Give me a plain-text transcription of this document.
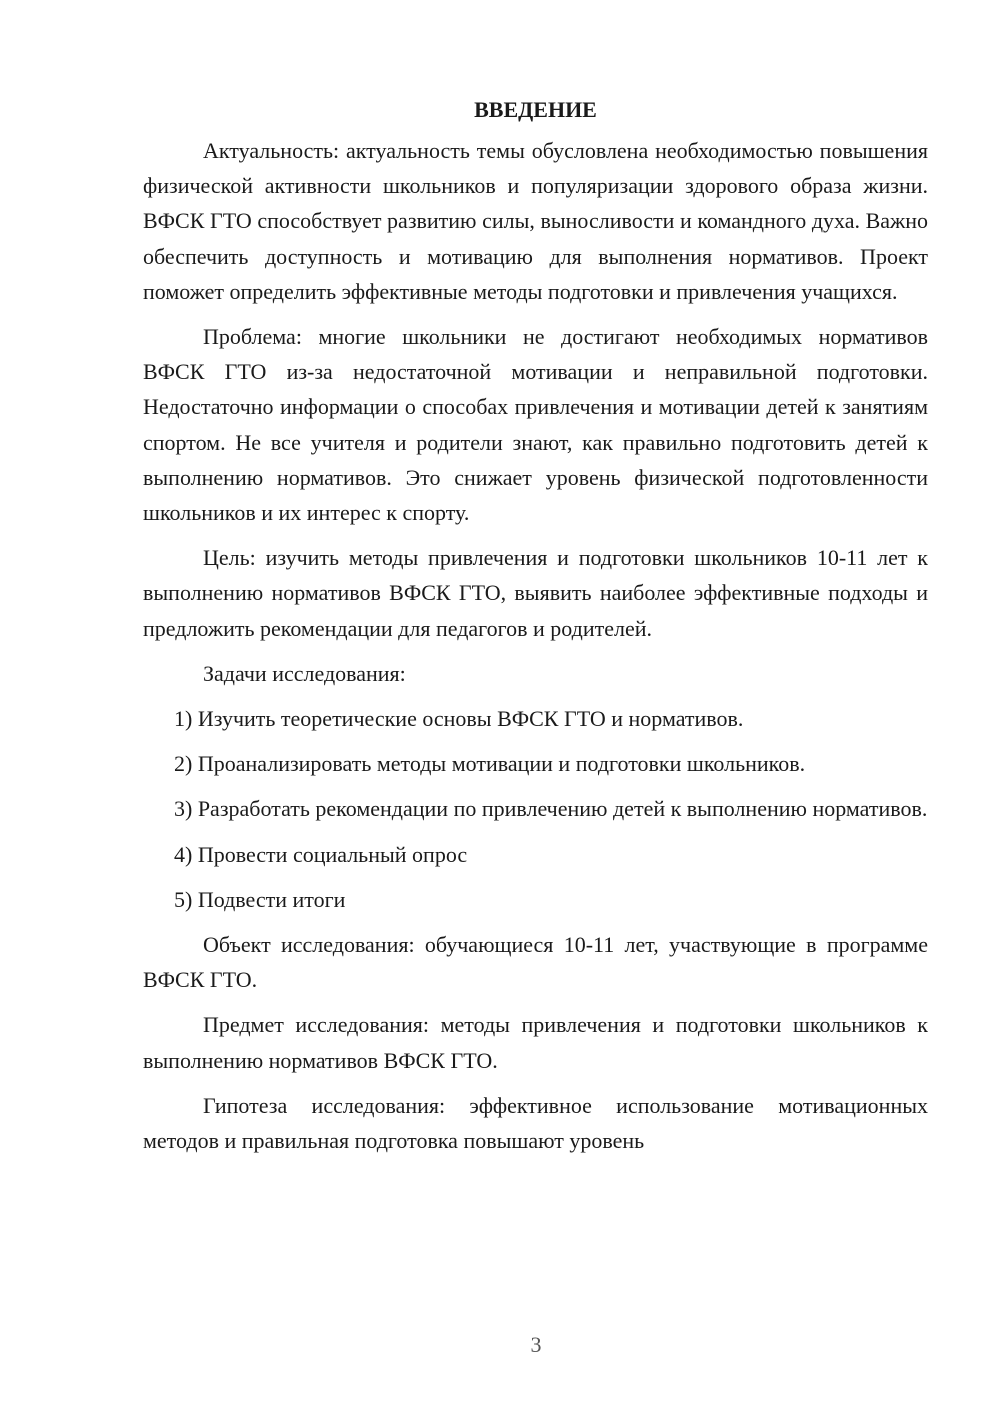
ВВЕДЕНИЕ

Актуальность: актуальность темы обусловлена необходимостью повышения физической активности школьников и популяризации здорового образа жизни. ВФСК ГТО способствует развитию силы, выносливости и командного духа. Важно обеспечить доступность и мотивацию для выполнения нормативов. Проект поможет определить эффективные методы подготовки и привлечения учащихся.

Проблема: многие школьники не достигают необходимых нормативов ВФСК ГТО из-за недостаточной мотивации и неправильной подготовки. Недостаточно информации о способах привлечения и мотивации детей к занятиям спортом. Не все учителя и родители знают, как правильно подготовить детей к выполнению нормативов. Это снижает уровень физической подготовленности школьников и их интерес к спорту.

Цель: изучить методы привлечения и подготовки школьников 10-11 лет к выполнению нормативов ВФСК ГТО, выявить наиболее эффективные подходы и предложить рекомендации для педагогов и родителей.

Задачи исследования:

1) Изучить теоретические основы ВФСК ГТО и нормативов.

2) Проанализировать методы мотивации и подготовки школьников.

3) Разработать рекомендации по привлечению детей к выполнению нормативов.

4) Провести социальный опрос

5) Подвести итоги

Объект исследования: обучающиеся 10-11 лет, участвующие в программе ВФСК ГТО.

Предмет исследования: методы привлечения и подготовки школьников к выполнению нормативов ВФСК ГТО.

Гипотеза исследования: эффективное использование мотивационных методов и правильная подготовка повышают уровень

3
